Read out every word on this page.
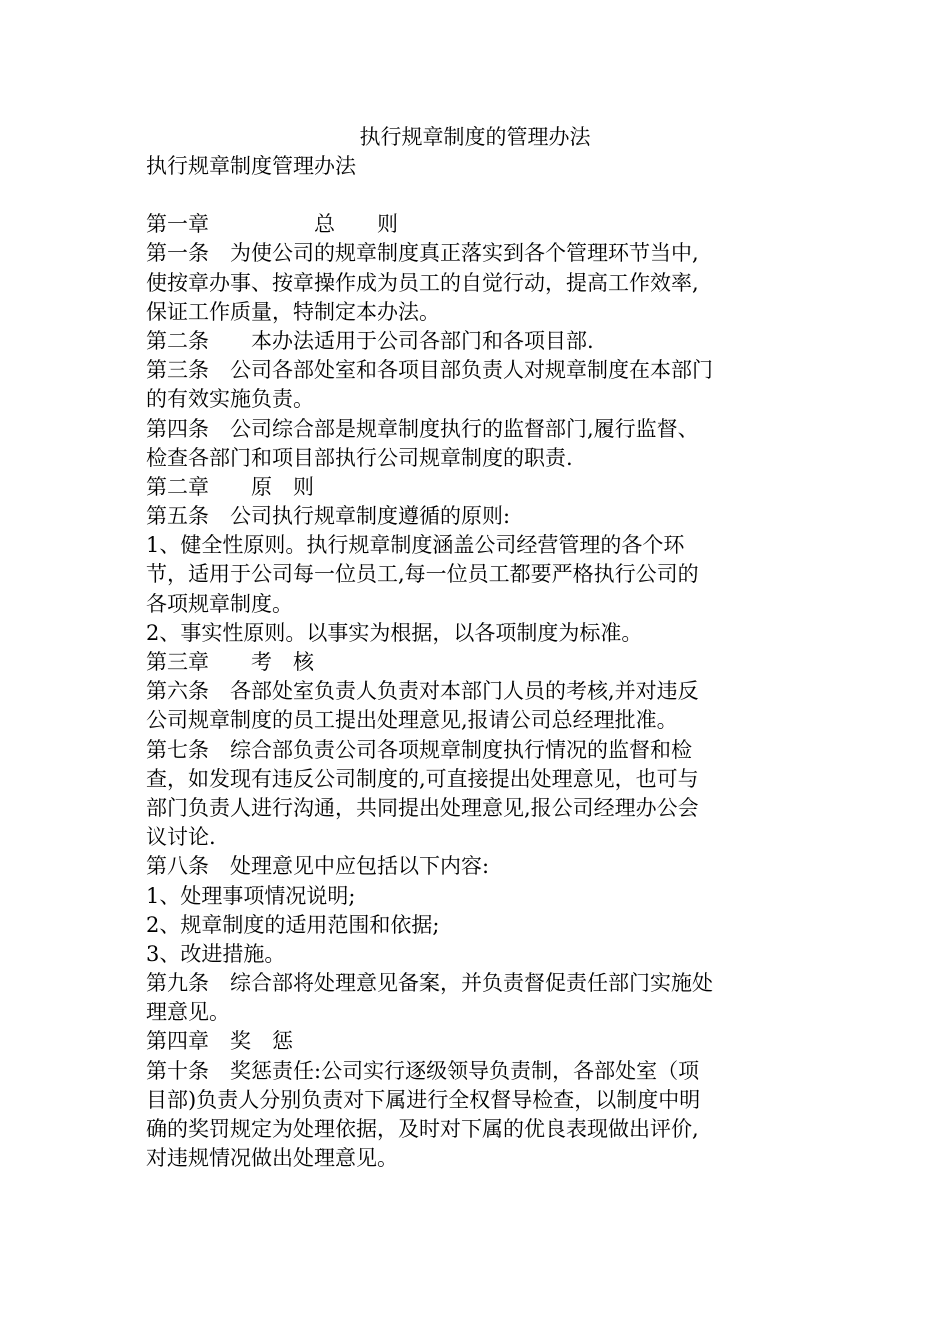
执行规章制度的管理办法
执行规章制度管理办法
第一章　　　　　总　　则
第一条　为使公司的规章制度真正落实到各个管理环节当中,
使按章办事、按章操作成为员工的自觉行动，提高工作效率,
保证工作质量，特制定本办法。
第二条　　本办法适用于公司各部门和各项目部.
第三条　公司各部处室和各项目部负责人对规章制度在本部门
的有效实施负责。
第四条　公司综合部是规章制度执行的监督部门,履行监督、
检查各部门和项目部执行公司规章制度的职责.
第二章　　原　则
第五条　公司执行规章制度遵循的原则:
1、健全性原则。执行规章制度涵盖公司经营管理的各个环
节，适用于公司每一位员工,每一位员工都要严格执行公司的
各项规章制度。
2、事实性原则。以事实为根据，以各项制度为标准。
第三章　　考　核
第六条　各部处室负责人负责对本部门人员的考核,并对违反
公司规章制度的员工提出处理意见,报请公司总经理批准。
第七条　综合部负责公司各项规章制度执行情况的监督和检
查，如发现有违反公司制度的,可直接提出处理意见，也可与
部门负责人进行沟通，共同提出处理意见,报公司经理办公会
议讨论.
第八条　处理意见中应包括以下内容:
1、处理事项情况说明;
2、规章制度的适用范围和依据;
3、改进措施。
第九条　综合部将处理意见备案，并负责督促责任部门实施处
理意见。
第四章　奖　惩
第十条　奖惩责任:公司实行逐级领导负责制，各部处室（项
目部)负责人分别负责对下属进行全权督导检查，以制度中明
确的奖罚规定为处理依据，及时对下属的优良表现做出评价,
对违规情况做出处理意见。
